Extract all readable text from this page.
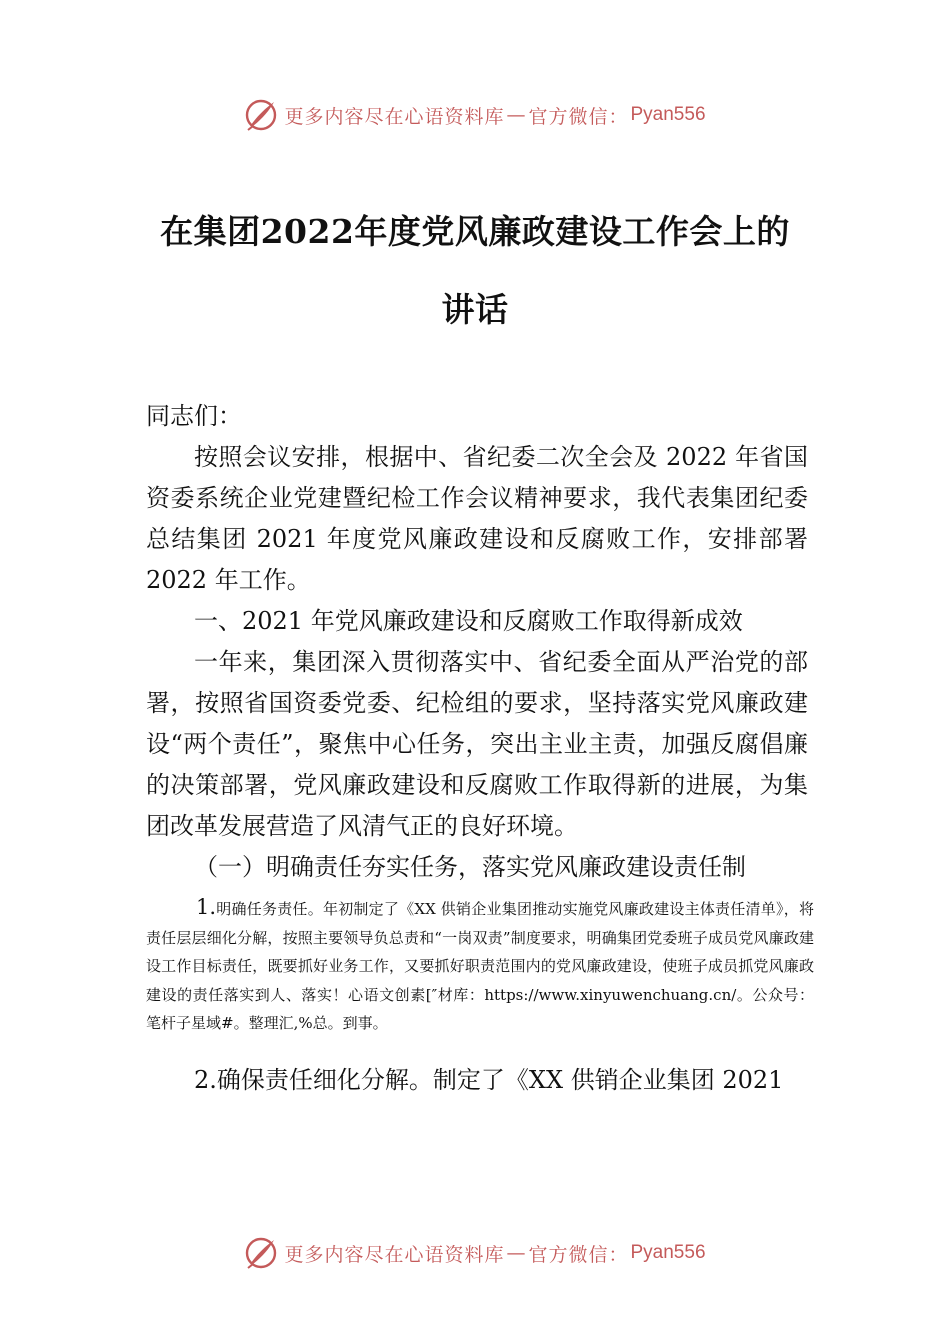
更多内容尽在心语资料库 — 官方微信： Pyan556
在集团2022年度党风廉政建设工作会上的
讲话

同志们：

按照会议安排，根据中、省纪委二次全会及 2022 年省国资委系统企业党建暨纪检工作会议精神要求，我代表集团纪委总结集团 2021 年度党风廉政建设和反腐败工作，安排部署 2022 年工作。

一、2021 年党风廉政建设和反腐败工作取得新成效

一年来，集团深入贯彻落实中、省纪委全面从严治党的部署，按照省国资委党委、纪检组的要求，坚持落实党风廉政建设“两个责任”，聚焦中心任务，突出主业主责，加强反腐倡廉的决策部署，党风廉政建设和反腐败工作取得新的进展，为集团改革发展营造了风清气正的良好环境。

（一）明确责任夯实任务，落实党风廉政建设责任制

1.明确任务责任。年初制定了《XX 供销企业集团推动实施党风廉政建设主体责任清单》，将责任层层细化分解，按照主要领导负总责和“一岗双责”制度要求，明确集团党委班子成员党风廉政建设工作目标责任，既要抓好业务工作，又要抓好职责范围内的党风廉政建设，使班子成员抓党风廉政建设的责任落实到人、落实！心语文创素[″材库：https://www.xinyuwenchuang.cn/。公众号：笔杆子星域#。整理汇,%总。到事。

2.确保责任细化分解。制定了《XX 供销企业集团 2021

更多内容尽在心语资料库 — 官方微信： Pyan556
